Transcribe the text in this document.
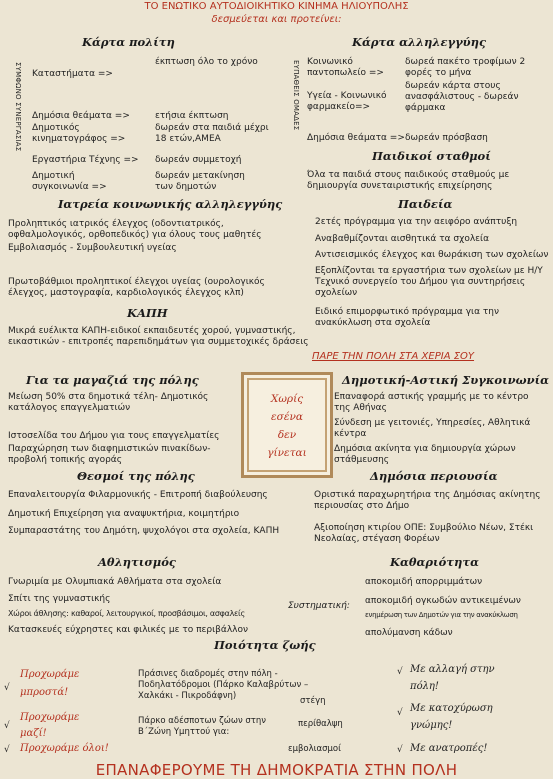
ΤΟ ΕΝΩΤΙΚΟ ΑΥΤΟΔΙΟΙΚΗΤΙΚΟ ΚΙΝΗΜΑ ΗΛΙΟΥΠΟΛΗΣ
δεσμεύεται και προτείνει:
Κάρτα πολίτη
ΣΥΜΦΩΝΟ ΣΥΝΕΡΓΑΣΙΑΣ Καταστήματα =>
έκπτωση όλο το χρόνο
Δημόσια θεάματα =>	ετήσια έκπτωση
Δημοτικός κινηματογράφος =>
δωρεάν στα παιδιά μέχρι 18 ετών,ΑΜΕΑ
Εργαστήρια Τέχνης => δωρεάν συμμετοχή
Δημοτική συγκοινωνία =>
δωρεάν μετακίνηση των δημοτών
Κάρτα αλληλεγγύης
ΕΥΠΑΘΕΙΣ ΟΜΑΔΕΣ Κοινωνικό παντοπωλείο =>
δωρεά πακέτο τροφίμων 2 φορές το μήνα
Υγεία - Κοινωνικό φαρμακείο=>
δωρεάν κάρτα στους ανασφάλιστους - δωρεάν φάρμακα
Δημόσια θεάματα => δωρεάν πρόσβαση
Παιδικοί σταθμοί
Όλα τα παιδιά στους παιδικούς σταθμούς με δημιουργία συνεταιριστικής επιχείρησης
Ιατρεία κοινωνικής αλληλεγγύης
Προληπτικός ιατρικός έλεγχος (οδοντιατρικός, οφθαλμολογικός, ορθοπεδικός) για όλους τους μαθητές
Εμβολιασμός - Συμβουλευτική υγείας
Πρωτοβάθμιοι προληπτικοί έλεγχοι υγείας (ουρολογικός έλεγχος, μαστογραφία, καρδιολογικός έλεγχος κλπ)
Παιδεία
2ετές πρόγραμμα για την αειφόρο ανάπτυξη
Αναβαθμίζονται αισθητικά τα σχολεία
Αντισεισμικός έλεγχος και θωράκιση των σχολείων
Εξοπλίζονται τα εργαστήρια των σχολείων με Η/Υ
Τεχνικό συνεργείο του Δήμου για συντηρήσεις σχολείων
Ειδικό επιμορφωτικό πρόγραμμα για την ανακύκλωση στα σχολεία
ΚΑΠΗ
Μικρά ευέλικτα ΚΑΠΗ-ειδικοί εκπαιδευτές χορού, γυμναστικής, εικαστικών - επιτροπές παρεπιδημάτων για συμμετοχικές δράσεις
ΠΑΡΕ ΤΗΝ ΠΟΛΗ ΣΤΑ ΧΕΡΙΑ ΣΟΥ
Χωρίς
εσένα
δεν
γίνεται
Για τα μαγαζιά της πόλης
Μείωση 50% στα δημοτικά τέλη- Δημοτικός κατάλογος επαγγελματιών
Ιστοσελίδα του Δήμου για τους επαγγελματίες
Παραχώρηση των διαφημιστικών πινακίδων- προβολή τοπικής αγοράς
Δημοτική-Αστική Συγκοινωνία
Επαναφορά αστικής γραμμής με το κέντρο της Αθήνας
Σύνδεση με γειτονιές, Υπηρεσίες, Αθλητικά κέντρα
Δημόσια ακίνητα για δημιουργία χώρων στάθμευσης
Θεσμοί της πόλης
Επαναλειτουργία Φιλαρμονικής - Επιτροπή διαβούλευσης
Δημοτική Επιχείρηση για αναψυκτήρια, κοιμητήριο
Συμπαραστάτης του Δημότη, ψυχολόγοι στα σχολεία, ΚΑΠΗ
Δημόσια περιουσία
Οριστικά παραχωρητήρια της Δημόσιας ακίνητης περιουσίας στο Δήμο
Αξιοποίηση κτιρίου ΟΠΕ: Συμβούλιο Νέων, Στέκι Νεολαίας, στέγαση Φορέων
Αθλητισμός
Γνωριμία με Ολυμπιακά Αθλήματα στα σχολεία
Σπίτι της γυμναστικής
Χώροι άθλησης: καθαροί, λειτουργικοί, προσβάσιμοι, ασφαλείς
Κατασκευές εύχρηστες και φιλικές με το περιβάλλον
Καθαριότητα
Συστηματική:
αποκομιδή απορριμμάτων
αποκομιδή ογκωδών αντικειμένων
ενημέρωση των Δημοτών για την ανακύκλωση
απολύμανση κάδων
Ποιότητα ζωής
√
Προχωράμε μπροστά!
√
Προχωράμε μαζί!
√ Προχωράμε όλοι!
Πράσινες διαδρομές στην πόλη - Ποδηλατόδρομοι (Πάρκο Καλαβρύτων – Χαλκάκι - Πικροδάφνη)	στέγη
Πάρκο αδέσποτων ζώων στην Β΄Ζώνη Υμηττού για:
περίθαλψη
εμβολιασμοί
√ Με αλλαγή στην πόλη!
√ Με κατοχύρωση γνώμης!
√ Με ανατροπές!
ΕΠΑΝΑΦΕΡΟΥΜΕ ΤΗ ΔΗΜΟΚΡΑΤΙΑ ΣΤΗΝ ΠΟΛΗ
